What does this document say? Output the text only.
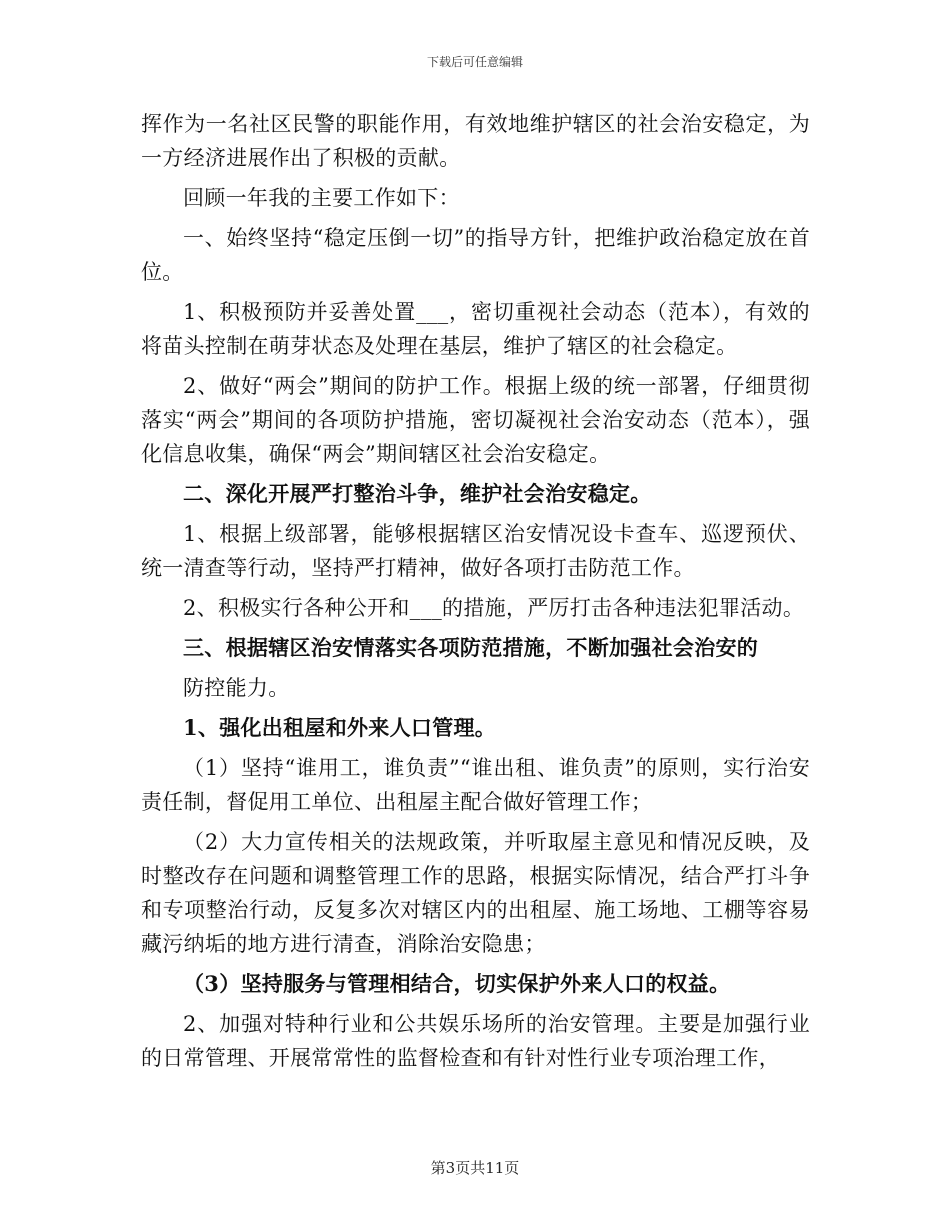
下载后可任意编辑

挥作为一名社区民警的职能作用，有效地维护辖区的社会治安稳定，为一方经济进展作出了积极的贡献。

回顾一年我的主要工作如下：

一、始终坚持“稳定压倒一切”的指导方针，把维护政治稳定放在首位。

1、积极预防并妥善处置___，密切重视社会动态（范本），有效的将苗头控制在萌芽状态及处理在基层，维护了辖区的社会稳定。

2、做好“两会”期间的防护工作。根据上级的统一部署，仔细贯彻落实“两会”期间的各项防护措施，密切凝视社会治安动态（范本），强化信息收集，确保“两会”期间辖区社会治安稳定。

二、深化开展严打整治斗争，维护社会治安稳定。

1、根据上级部署，能够根据辖区治安情况设卡查车、巡逻预伏、统一清查等行动，坚持严打精神，做好各项打击防范工作。

2、积极实行各种公开和___的措施，严厉打击各种违法犯罪活动。

三、根据辖区治安情落实各项防范措施，不断加强社会治安的

防控能力。

1、强化出租屋和外来人口管理。

（1）坚持“谁用工，谁负责”“谁出租、谁负责”的原则，实行治安责任制，督促用工单位、出租屋主配合做好管理工作；

（2）大力宣传相关的法规政策，并听取屋主意见和情况反映，及时整改存在问题和调整管理工作的思路，根据实际情况，结合严打斗争和专项整治行动，反复多次对辖区内的出租屋、施工场地、工棚等容易藏污纳垢的地方进行清查，消除治安隐患；

（3）坚持服务与管理相结合，切实保护外来人口的权益。

2、加强对特种行业和公共娱乐场所的治安管理。主要是加强行业的日常管理、开展常常性的监督检查和有针对性行业专项治理工作，

第3页共11页
